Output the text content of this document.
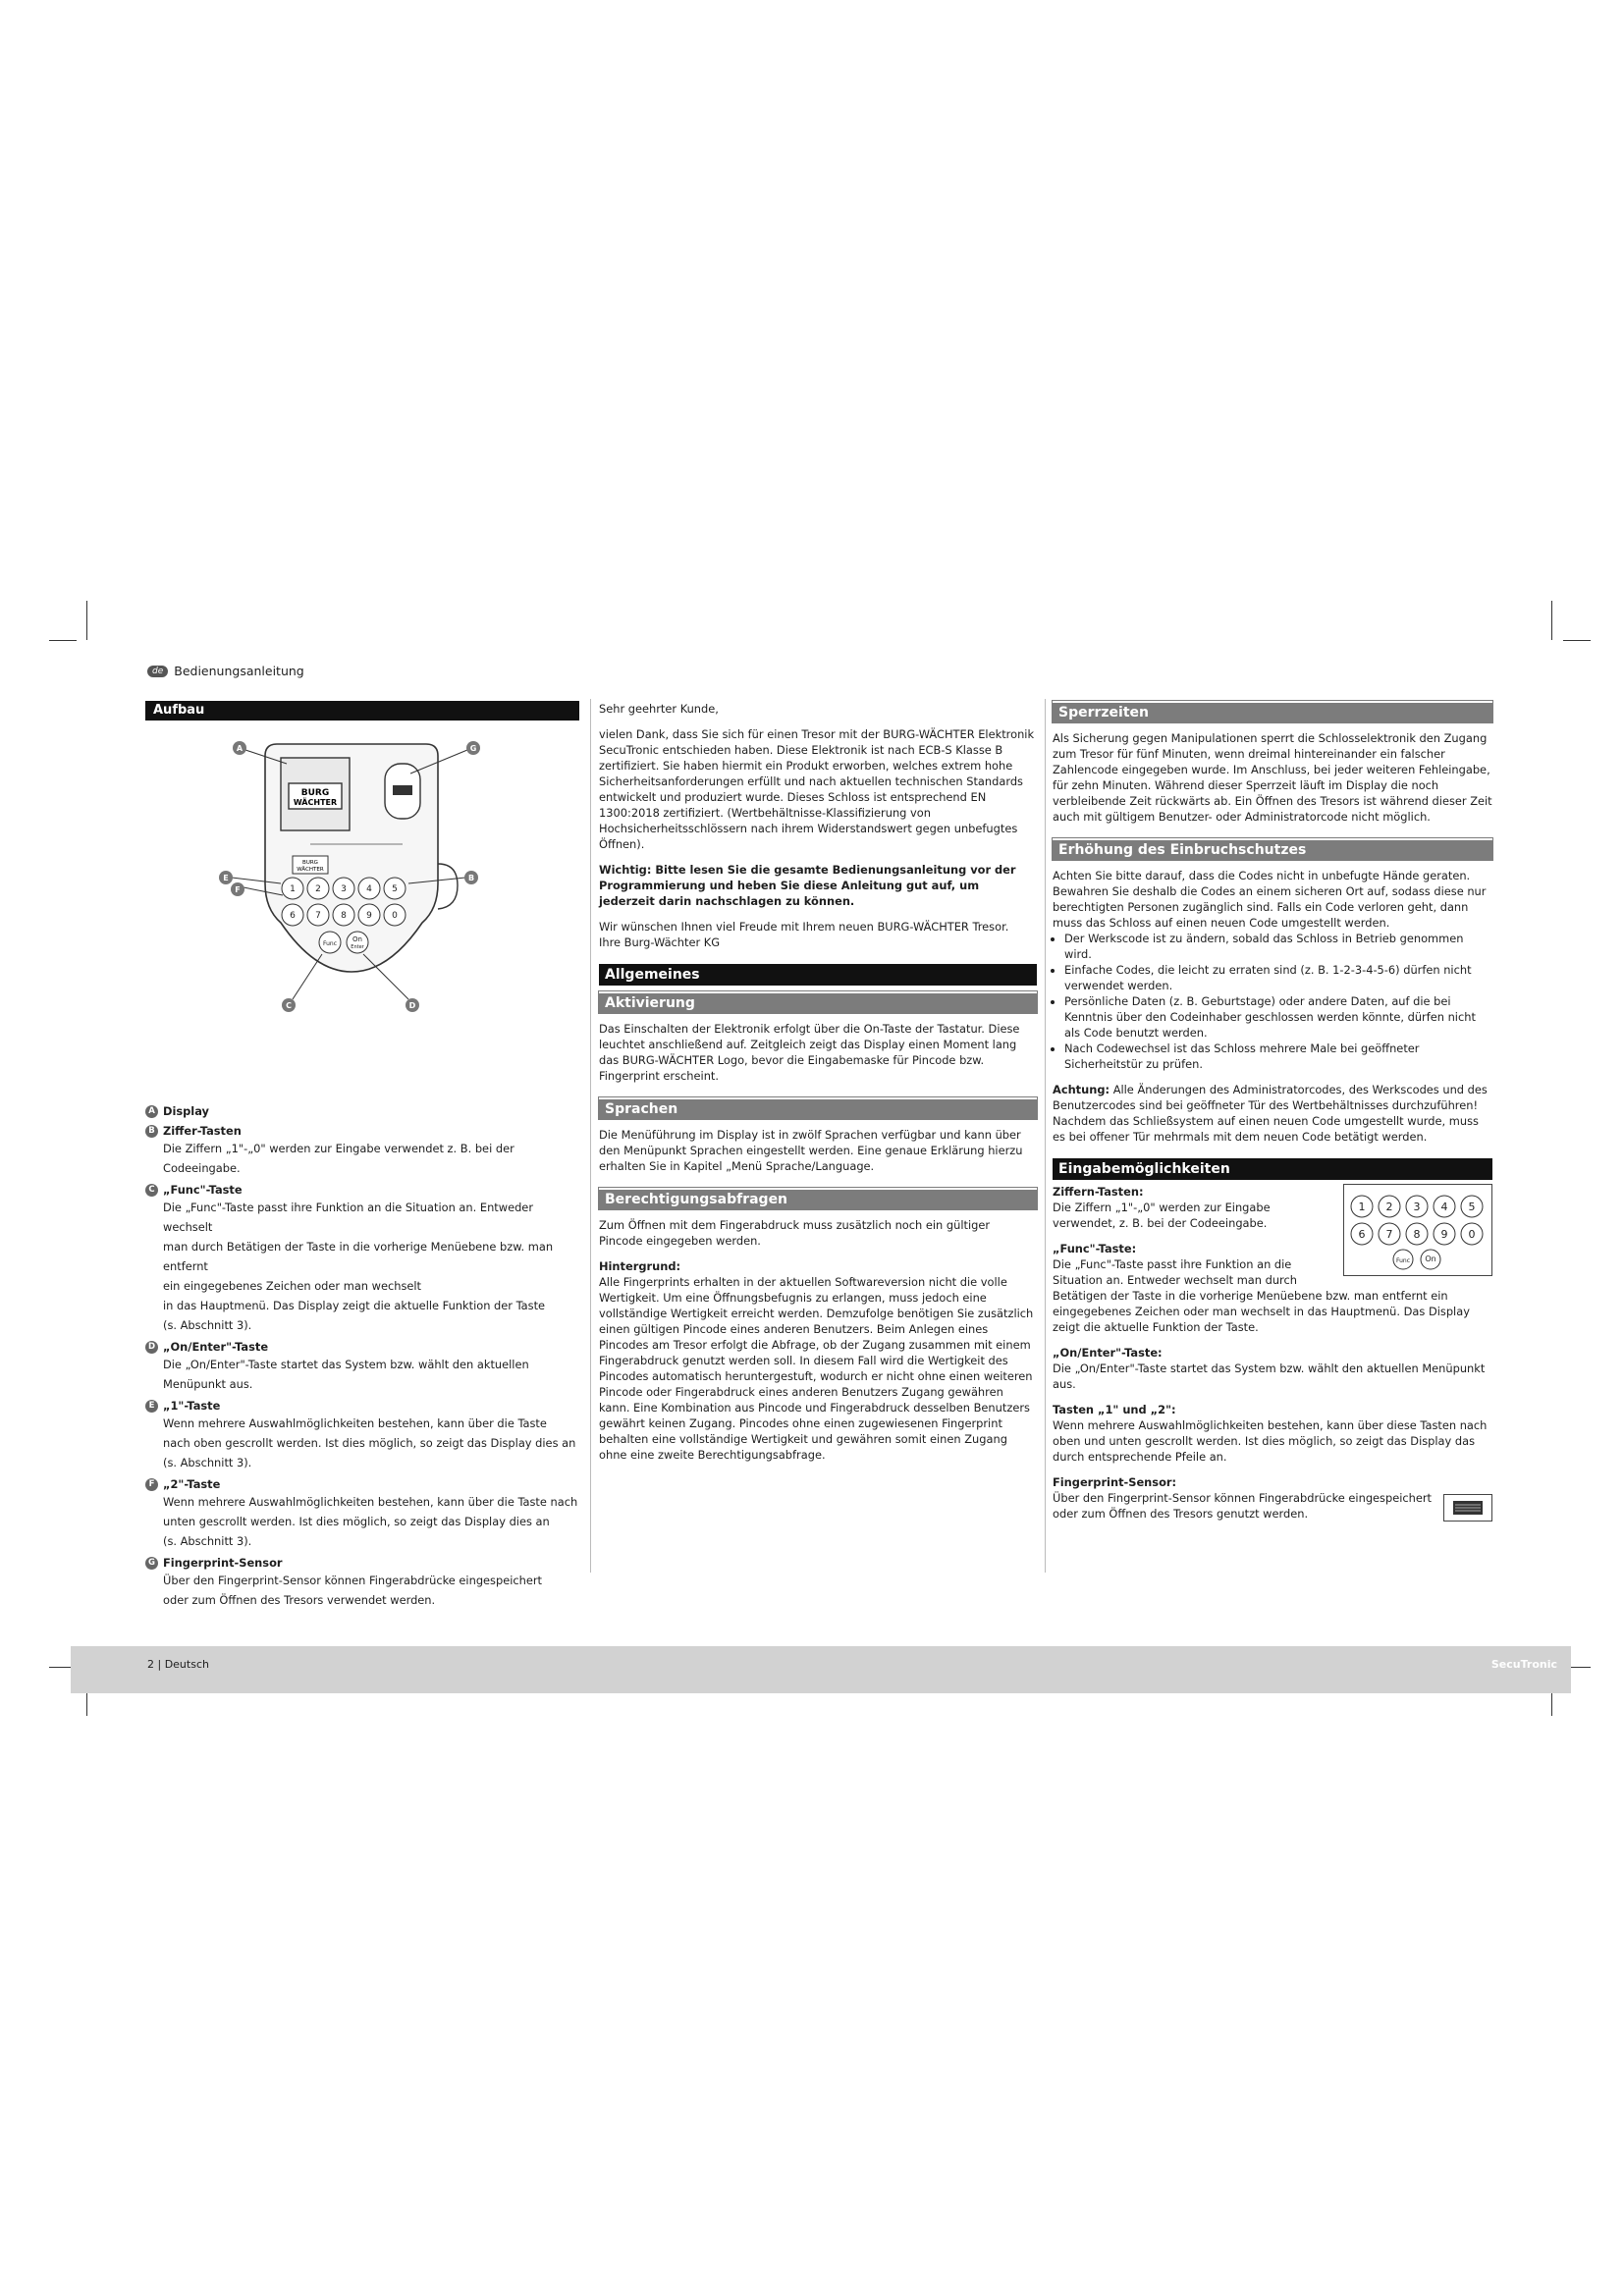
de Bedienungsanleitung
Aufbau
BURG
WÄCHTER
BURG
WÄCHTER
1 2 3 4 5
6 7 8 9 0
Func
On
Enter
A	G
E
F
B
C	D
A Display
B Ziffer-Tasten
Die Ziffern „1"-„0" werden zur Eingabe verwendet z. B. bei der Codeeingabe.
C „Func"-Taste
Die „Func"-Taste passt ihre Funktion an die Situation an. Entweder wechselt
man durch Betätigen der Taste in die vorherige Menüebene bzw. man entfernt
ein eingegebenes Zeichen oder man wechselt
in das Hauptmenü. Das Display zeigt die aktuelle Funktion der Taste
(s. Abschnitt 3).
D „On/Enter"-Taste
Die „On/Enter"-Taste startet das System bzw. wählt den aktuellen
Menüpunkt aus.
E „1"-Taste
Wenn mehrere Auswahlmöglichkeiten bestehen, kann über die Taste
nach oben gescrollt werden. Ist dies möglich, so zeigt das Display dies an
(s. Abschnitt 3).
F „2"-Taste
Wenn mehrere Auswahlmöglichkeiten bestehen, kann über die Taste nach
unten gescrollt werden. Ist dies möglich, so zeigt das Display dies an
(s. Abschnitt 3).
G Fingerprint-Sensor
Über den Fingerprint-Sensor können Fingerabdrücke eingespeichert
oder zum Öffnen des Tresors verwendet werden.

Sehr geehrter Kunde,

vielen Dank, dass Sie sich für einen Tresor mit der BURG-WÄCHTER Elektronik SecuTronic entschieden haben. Diese Elektronik ist nach ECB-S Klasse B zertifiziert. Sie haben hiermit ein Produkt erworben, welches extrem hohe Sicherheitsanforderungen erfüllt und nach aktuellen technischen Standards entwickelt und produziert wurde. Dieses Schloss ist entsprechend EN 1300:2018 zertifiziert. (Wertbehältnisse-Klassifizierung von Hochsicherheitsschlössern nach ihrem Widerstandswert gegen unbefugtes Öffnen).

Wichtig: Bitte lesen Sie die gesamte Bedienungsanleitung vor der Programmierung und heben Sie diese Anleitung gut auf, um jederzeit darin nachschlagen zu können.

Wir wünschen Ihnen viel Freude mit Ihrem neuen BURG-WÄCHTER Tresor.

Ihre Burg-Wächter KG

Allgemeines
Aktivierung

Das Einschalten der Elektronik erfolgt über die On-Taste der Tastatur. Diese leuchtet anschließend auf. Zeitgleich zeigt das Display einen Moment lang das BURG-WÄCHTER Logo, bevor die Eingabemaske für Pincode bzw. Fingerprint erscheint.

Sprachen

Die Menüführung im Display ist in zwölf Sprachen verfügbar und kann über den Menüpunkt Sprachen eingestellt werden. Eine genaue Erklärung hierzu erhalten Sie in Kapitel „Menü Sprache/Language.

Berechtigungsabfragen

Zum Öffnen mit dem Fingerabdruck muss zusätzlich noch ein gültiger Pincode eingegeben werden.

Hintergrund:

Alle Fingerprints erhalten in der aktuellen Softwareversion nicht die volle Wertigkeit. Um eine Öffnungsbefugnis zu erlangen, muss jedoch eine vollständige Wertigkeit erreicht werden. Demzufolge benötigen Sie zusätzlich einen gültigen Pincode eines anderen Benutzers. Beim Anlegen eines Pincodes am Tresor erfolgt die Abfrage, ob der Zugang zusammen mit einem Fingerabdruck genutzt werden soll. In diesem Fall wird die Wertigkeit des Pincodes automatisch heruntergestuft, wodurch er nicht ohne einen weiteren Pincode oder Fingerabdruck eines anderen Benutzers Zugang gewähren kann. Eine Kombination aus Pincode und Fingerabdruck desselben Benutzers gewährt keinen Zugang. Pincodes ohne einen zugewiesenen Fingerprint behalten eine vollständige Wertigkeit und gewähren somit einen Zugang ohne eine zweite Berechtigungsabfrage.

Sperrzeiten

Als Sicherung gegen Manipulationen sperrt die Schlosselektronik den Zugang zum Tresor für fünf Minuten, wenn dreimal hintereinander ein falscher Zahlencode eingegeben wurde. Im Anschluss, bei jeder weiteren Fehleingabe, für zehn Minuten. Während dieser Sperrzeit läuft im Display die noch verbleibende Zeit rückwärts ab. Ein Öffnen des Tresors ist während dieser Zeit auch mit gültigem Benutzer- oder Administratorcode nicht möglich.

Erhöhung des Einbruchschutzes
Achten Sie bitte darauf, dass die Codes nicht in unbefugte Hände geraten. Bewahren Sie deshalb die Codes an einem sicheren Ort auf, sodass diese nur berechtigten Personen zugänglich sind. Falls ein Code verloren geht, dann muss das Schloss auf einen neuen Code umgestellt werden.
• Der Werkscode ist zu ändern, sobald das Schloss in Betrieb genommen wird.
• Einfache Codes, die leicht zu erraten sind (z. B. 1-2-3-4-5-6) dürfen nicht verwendet werden.
• Persönliche Daten (z. B. Geburtstage) oder andere Daten, auf die bei Kenntnis über den Codeinhaber geschlossen werden könnte, dürfen nicht als Code benutzt werden.
• Nach Codewechsel ist das Schloss mehrere Male bei geöffneter Sicherheitstür zu prüfen.

Achtung: Alle Änderungen des Administratorcodes, des Werkscodes und des Benutzercodes sind bei geöffneter Tür des Wertbehältnisses durchzuführen! Nachdem das Schließsystem auf einen neuen Code umgestellt wurde, muss es bei offener Tür mehrmals mit dem neuen Code betätigt werden.

Eingabemöglichkeiten
1 2 3 4 5
6 7 8 9 0
Func On
Ziffern-Tasten:

Die Ziffern „1"-„0" werden zur Eingabe verwendet, z. B. bei der Codeeingabe.

„Func"-Taste:

Die „Func"-Taste passt ihre Funktion an die Situation an. Entweder wechselt man durch Betätigen der Taste in die vorherige Menüebene bzw. man entfernt ein eingegebenes Zeichen oder man wechselt in das Hauptmenü. Das Display zeigt die aktuelle Funktion der Taste.

„On/Enter"-Taste:

Die „On/Enter"-Taste startet das System bzw. wählt den aktuellen Menüpunkt aus.

Tasten „1" und „2":

Wenn mehrere Auswahlmöglichkeiten bestehen, kann über diese Tasten nach oben und unten gescrollt werden. Ist dies möglich, so zeigt das Display das durch entsprechende Pfeile an.

Fingerprint-Sensor:

Über den Fingerprint-Sensor können Fingerabdrücke eingespeichert oder zum Öffnen des Tresors genutzt werden.

2 | Deutsch	SecuTronic
